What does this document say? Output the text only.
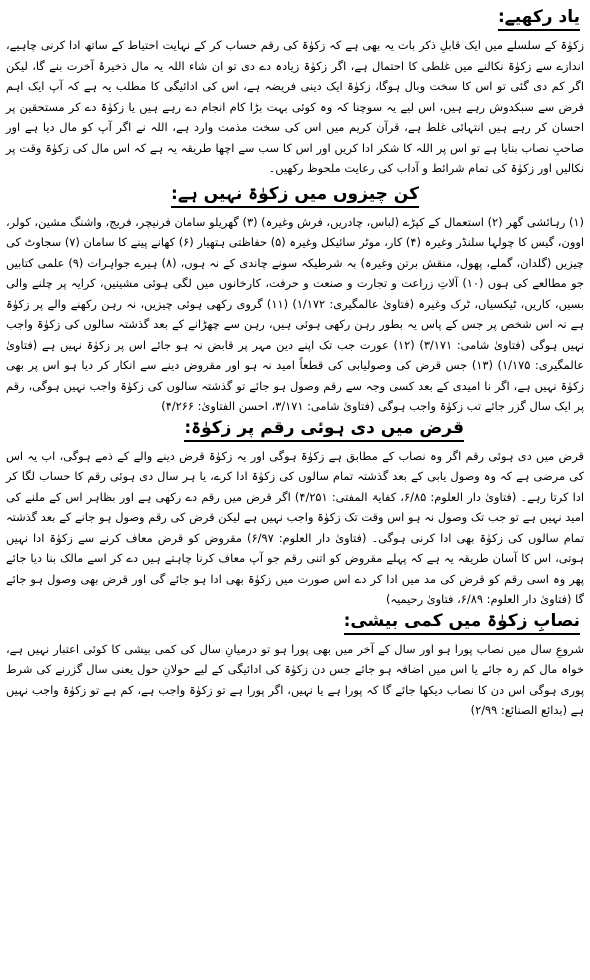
یاد رکھیے:

زکوٰۃ کے سلسلے میں ایک قابلِ ذکر بات یہ بھی ہے کہ زکوٰۃ کی رقم حساب کر کے نہایت احتیاط کے ساتھ ادا کرنی چاہیے، اندازے سے زکوٰۃ نکالنے میں غلطی کا احتمال ہے، اگر زکوٰۃ زیادہ دے دی تو ان شاء اللہ یہ مال ذخیرۂ آخرت بنے گا، لیکن اگر کم دی گئی تو اس کا سخت وبال ہوگا، زکوٰۃ ایک دینی فریضہ ہے، اس کی ادائیگی کا مطلب یہ ہے کہ آپ ایک اہم فرض سے سبکدوش رہے ہیں، اس لیے یہ سوچنا کہ وہ کوئی بہت بڑا کام انجام دے رہے ہیں یا زکوٰۃ دے کر مستحقین پر احسان کر رہے ہیں انتہائی غلط ہے، قرآن کریم میں اس کی سخت مذمت وارد ہے، اللہ نے اگر آپ کو مال دیا ہے اور صاحبِ نصاب بنایا ہے تو اس پر اللہ کا شکر ادا کریں اور اس کا سب سے اچھا طریقہ یہ ہے کہ اس مال کی زکوٰۃ وقت پر نکالیں اور زکوٰۃ کی تمام شرائط و آداب کی رعایت ملحوظ رکھیں۔

کن چیزوں میں زکوٰۃ نہیں ہے:

(۱) رہائشی گھر (۲) استعمال کے کپڑے (لباس، چادریں، فرش وغیرہ) (۳) گھریلو سامان فرنیچر، فریج، واشنگ مشین، کولر، اوون، گیس کا چولہا سلنڈر وغیرہ (۴) کار، موٹر سائیکل وغیرہ (۵) حفاظتی ہتھیار (۶) کھانے پینے کا سامان (۷) سجاوٹ کی چیزیں (گلدان، گملے، پھول، منقش برتن وغیرہ) بہ شرطیکہ سونے چاندی کے نہ ہوں، (۸) ہیرے جواہرات (۹) علمی کتابیں جو مطالعے کی ہوں (۱۰) آلاتِ زراعت و تجارت و صنعت و حرفت، کارخانوں میں لگی ہوئی مشینیں، کرایہ پر چلنے والی بسیں، کاریں، ٹیکسیاں، ٹرک وغیرہ (فتاویٰ عالمگیری: ۱/۱۷۲) (۱۱) گروی رکھی ہوئی چیزیں، نہ رہن رکھنے والے پر زکوٰۃ ہے نہ اس شخص پر جس کے پاس یہ بطور رہن رکھی ہوئی ہیں، رہن سے چھڑانے کے بعد گذشتہ سالوں کی زکوٰۃ واجب نہیں ہوگی (فتاویٰ شامی: ۳/۱۷۱) (۱۲) عورت جب تک اپنے دین مہر پر قابض نہ ہو جائے اس پر زکوٰۃ نہیں ہے (فتاویٰ عالمگیری: ۱/۱۷۵) (۱۳) جس قرض کی وصولیابی کی قطعاً امید نہ ہو اور مقروض دینے سے انکار کر دیا ہو اس پر بھی زکوٰۃ نہیں ہے، اگر نا امیدی کے بعد کسی وجہ سے رقم وصول ہو جائے تو گذشتہ سالوں کی زکوٰۃ واجب نہیں ہوگی، رقم پر ایک سال گزر جائے تب زکوٰۃ واجب ہوگی (فتاویٰ شامی: ۳/۱۷۱، احسن الفتاویٰ: ۴/۲۶۶)

قرض میں دی ہوئی رقم پر زکوٰۃ:

قرض میں دی ہوئی رقم اگر وہ نصاب کے مطابق ہے زکوٰۃ ہوگی اور یہ زکوٰۃ قرض دینے والے کے ذمے ہوگی، اب یہ اس کی مرضی ہے کہ وہ وصول یابی کے بعد گذشتہ تمام سالوں کی زکوٰۃ ادا کرے، یا ہر سال دی ہوئی رقم کا حساب لگا کر ادا کرتا رہے۔ (فتاویٰ دار العلوم: ۶/۸۵، کفایۃ المفتی: ۴/۲۵۱) اگر قرض میں رقم دے رکھی ہے اور بظاہر اس کے ملنے کی امید نہیں ہے تو جب تک وصول نہ ہو اس وقت تک زکوٰۃ واجب نہیں ہے لیکن قرض کی رقم وصول ہو جانے کے بعد گذشتہ تمام سالوں کی زکوٰۃ بھی ادا کرنی ہوگی۔ (فتاویٰ دار العلوم: ۶/۹۷) مقروض کو قرض معاف کرنے سے زکوٰۃ ادا نہیں ہوتی، اس کا آسان طریقہ یہ ہے کہ پہلے مقروض کو اتنی رقم جو آپ معاف کرنا چاہتے ہیں دے کر اسے مالک بنا دیا جائے پھر وہ اسی رقم کو قرض کی مد میں ادا کر دے اس صورت میں زکوٰۃ بھی ادا ہو جائے گی اور قرض بھی وصول ہو جائے گا (فتاویٰ دار العلوم: ۶/۸۹، فتاویٰ رحیمیہ)

نصابِ زکوٰۃ میں کمی بیشی:

شروعِ سال میں نصاب پورا ہو اور سال کے آخر میں بھی پورا ہو تو درمیانِ سال کی کمی بیشی کا کوئی اعتبار نہیں ہے، خواہ مال کم رہ جائے یا اس میں اضافہ ہو جائے جس دن زکوٰۃ کی ادائیگی کے لیے حولانِ حول یعنی سال گزرنے کی شرط پوری ہوگی اس دن کا نصاب دیکھا جائے گا کہ پورا ہے یا نہیں، اگر پورا ہے تو زکوٰۃ واجب ہے، کم ہے تو زکوٰۃ واجب نہیں ہے (بدائع الصنائع: ۲/۹۹)
